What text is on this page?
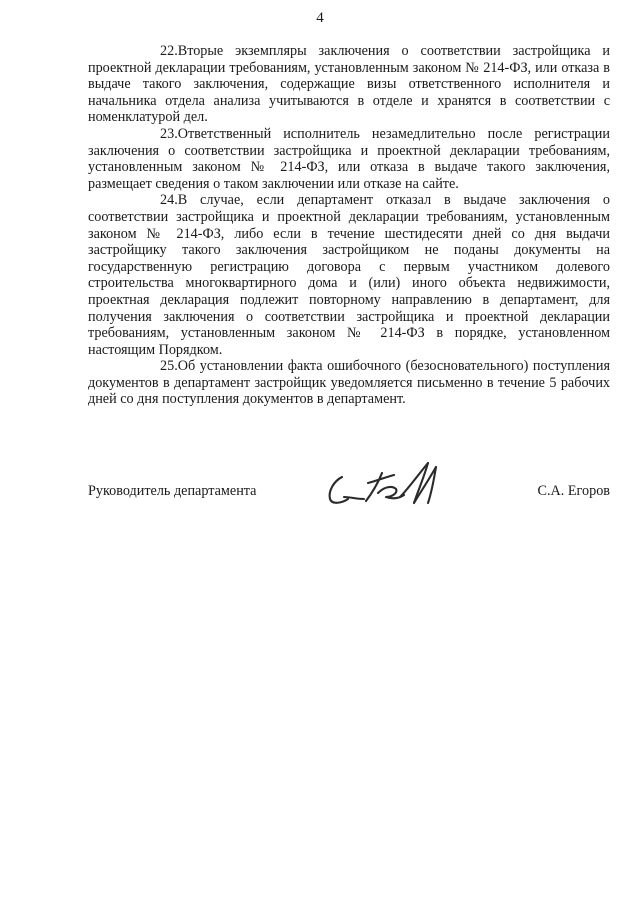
4

22.Вторые экземпляры заключения о соответствии застройщика и проектной декларации требованиям, установленным законом № 214-ФЗ, или отказа в выдаче такого заключения, содержащие визы ответственного исполнителя и начальника отдела анализа учитываются в отделе и хранятся в соответствии с номенклатурой дел.

23.Ответственный исполнитель незамедлительно после регистрации заключения о соответствии застройщика и проектной декларации требованиям, установленным законом № 214-ФЗ, или отказа в выдаче такого заключения, размещает сведения о таком заключении или отказе на сайте.

24.В случае, если департамент отказал в выдаче заключения о соответствии застройщика и проектной декларации требованиям, установленным законом № 214-ФЗ, либо если в течение шестидесяти дней со дня выдачи застройщику такого заключения застройщиком не поданы документы на государственную регистрацию договора с первым участником долевого строительства многоквартирного дома и (или) иного объекта недвижимости, проектная декларация подлежит повторному направлению в департамент, для получения заключения о соответствии застройщика и проектной декларации требованиям, установленным законом № 214-ФЗ в порядке, установленном настоящим Порядком.

25.Об установлении факта ошибочного (безосновательного) поступления документов в департамент застройщик уведомляется письменно в течение 5 рабочих дней со дня поступления документов в департамент.

Руководитель департамента	С.А. Егоров
